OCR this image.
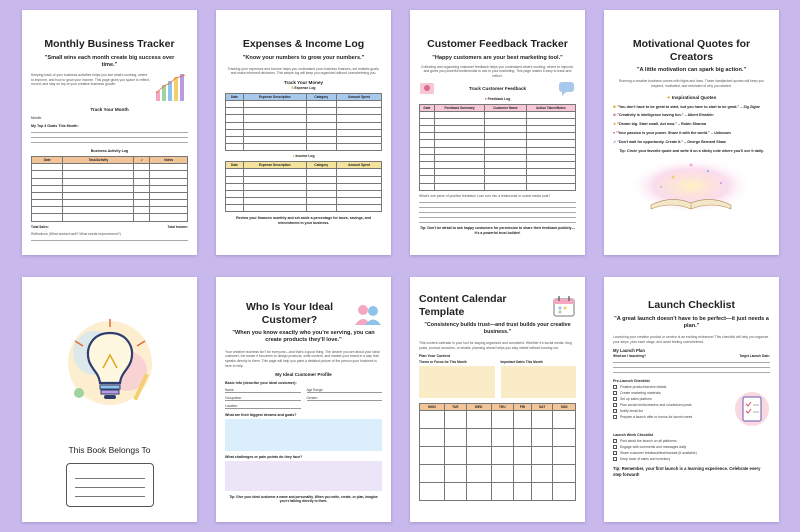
Monthly Business Tracker
"Small wins each month create big success over time."
Keeping track of your business activities helps you see what's working, where to improve, and how to grow your income. This page gives you space to reflect, record, and stay on top of your creative business growth.
Track Your Month
Month:
My Top 3 Goals This Month:
Business Activity Log
Date	Task/Activity	✓	Notes

Total Sales:	Total Income:
Reflections (What worked well? What needs improvement?)
Expenses & Income Log
"Know your numbers to grow your numbers."
Tracking your expenses and income helps you understand your business finances, set realistic goals, and make informed decisions. This simple log will keep you organized without overwhelming you.
Track Your Money
$ Expense Log
Date	Expense Description	Category	Amount Spent

● Income Log
Date	Expense Description	Category	Amount Spent

Review your finances monthly and set aside a percentage for taxes, savings, and reinvestment in your business.
Customer Feedback Tracker
"Happy customers are your best marketing tool."
Collecting and organizing customer feedback helps you understand what's working, where to improve, and gives you powerful testimonials to use in your marketing. This page makes it easy to track and reflect.
Track Customer Feedback
♥ Feedback Log
Date	Feedback Summary	Customer Name	Action Taken/Notes

What's one piece of positive feedback I can turn into a testimonial or social media post?
Tip: Don't be afraid to ask happy customers for permission to share their feedback publicly—it's a powerful trust builder!
Motivational Quotes for Creators
"A little motivation can spark big action."
Running a creative business comes with highs and lows. These handpicked quotes will keep you inspired, motivated, and reminded of why you started.
✦ Inspirational Quotes
✹ "You don't have to be great to start, but you have to start to be great." – Zig Ziglar
✿ "Creativity is intelligence having fun." – Albert Einstein
★ "Dream big. Start small. Act now." – Robin Sharma
♥ "Your passion is your power. Share it with the world." – Unknown
➚ "Don't wait for opportunity. Create it." – George Bernard Shaw
Tip: Circle your favorite quote and write it on a sticky note where you'll see it daily.
This Book Belongs To
Who Is Your Ideal Customer?
"When you know exactly who you're serving, you can create products they'll love."
Your creative business isn't for everyone—and that's a good thing. The clearer you are about your ideal customer, the easier it becomes to design products, write content, and market your brand in a way that speaks directly to them. This page will help you paint a detailed picture of the person your business is here to help.
My Ideal Customer Profile
Basic Info (describe your ideal customer):
Name:	Age Range:
Occupation:	Gender:
Location:
What are their biggest dreams and goals?
What challenges or pain points do they face?
Tip: Give your ideal customer a name and personality. When you write, create, or plan, imagine you're talking directly to them.
Content Calendar Template
"Consistency builds trust—and trust builds your creative business."
This content calendar is your tool for staying organized and consistent. Whether it's social media, blog posts, product launches, or emails, planning ahead helps you stay visible without burning out.
Plan Your Content
Theme or Focus for This Month	Important Dates This Month
MON	TUE	WED	THU	FRI	SAT	SUN

Launch Checklist
"A great launch doesn't have to be perfect—it just needs a plan."
Launching your creative product or service is an exciting milestone! This checklist will help you organize your steps, plan each stage, and avoid feeling overwhelmed.
My Launch Plan
What am I launching?	Target Launch Date:
Pre-Launch Checklist
Finalize product/service details
Create marketing materials
Set up sales platform
Plan social media teasers and countdown posts
Notify email list
Prepare a launch offer or bonus for launch week
Launch Week Checklist
Post about the launch on all platforms
Engage with comments and messages daily
Share customer feedback/testimonials (if available)
Keep track of sales and inventory
Tip: Remember, your first launch is a learning experience. Celebrate every step forward!
